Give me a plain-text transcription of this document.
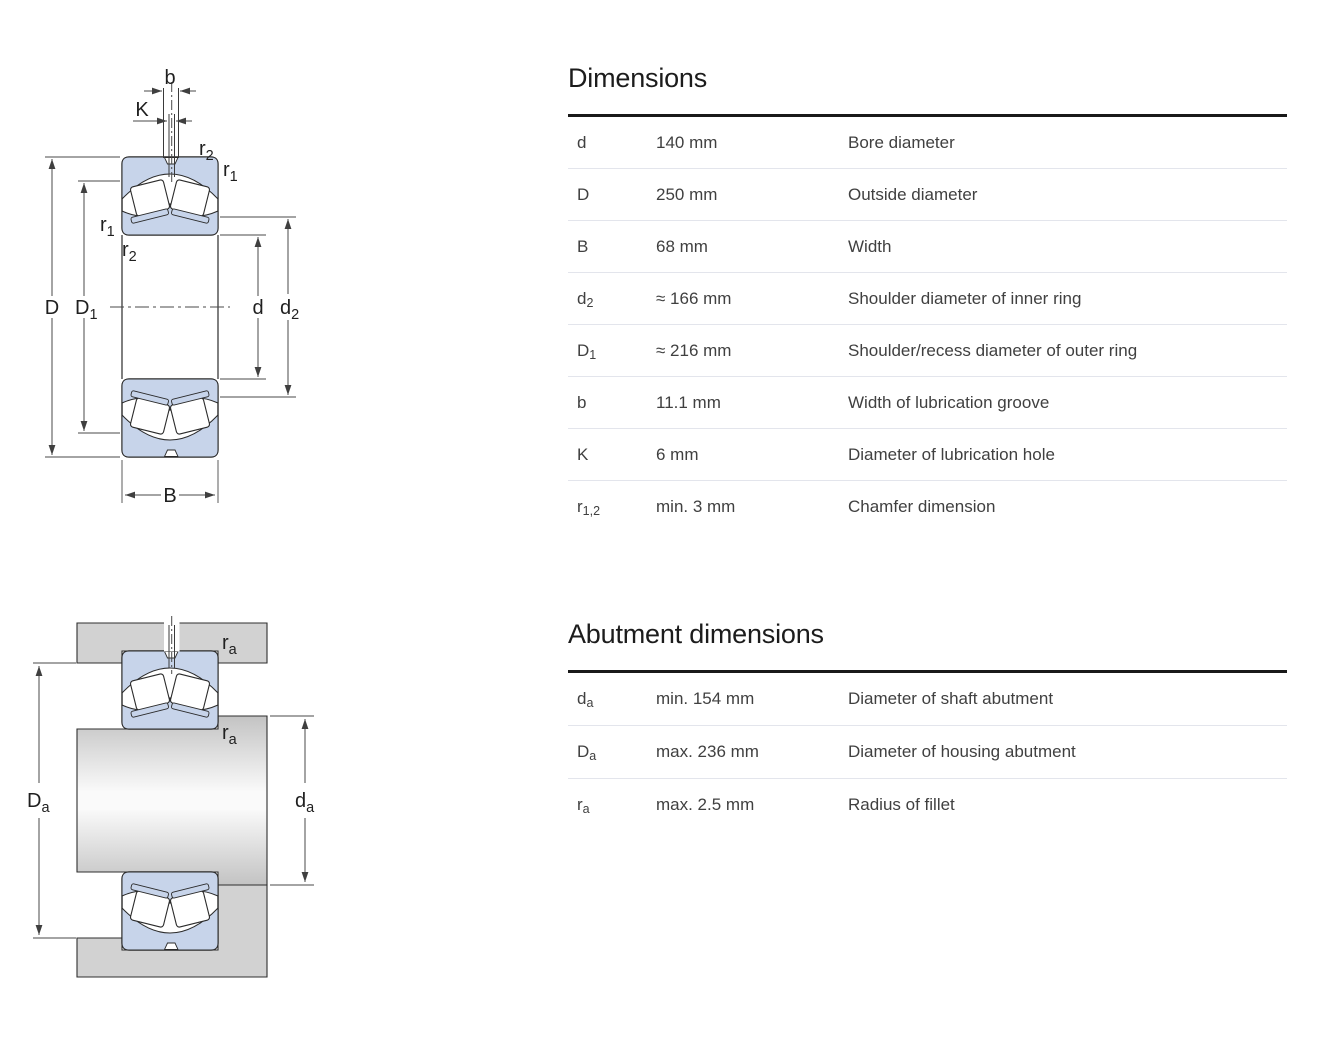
b
K
$r_2$
$r_1$
$r_1$
$r_2$
D $D_1$	d $d_2$
B
$r_a$
$r_a$
$D_a$	$d_a$
Dimensions
d	140 mm	Bore diameter
D	250 mm	Outside diameter
B	68 mm	Width
$d_2$	≈ 166 mm	Shoulder diameter of inner ring
$D_1$	≈ 216 mm	Shoulder/recess diameter of outer ring
b	11.1 mm	Width of lubrication groove
K	6 mm	Diameter of lubrication hole
$r_{1,2}$	min. 3 mm	Chamfer dimension
Abutment dimensions
$d_a$	min. 154 mm	Diameter of shaft abutment
$D_a$	max. 236 mm	Diameter of housing abutment
$r_a$	max. 2.5 mm	Radius of fillet
